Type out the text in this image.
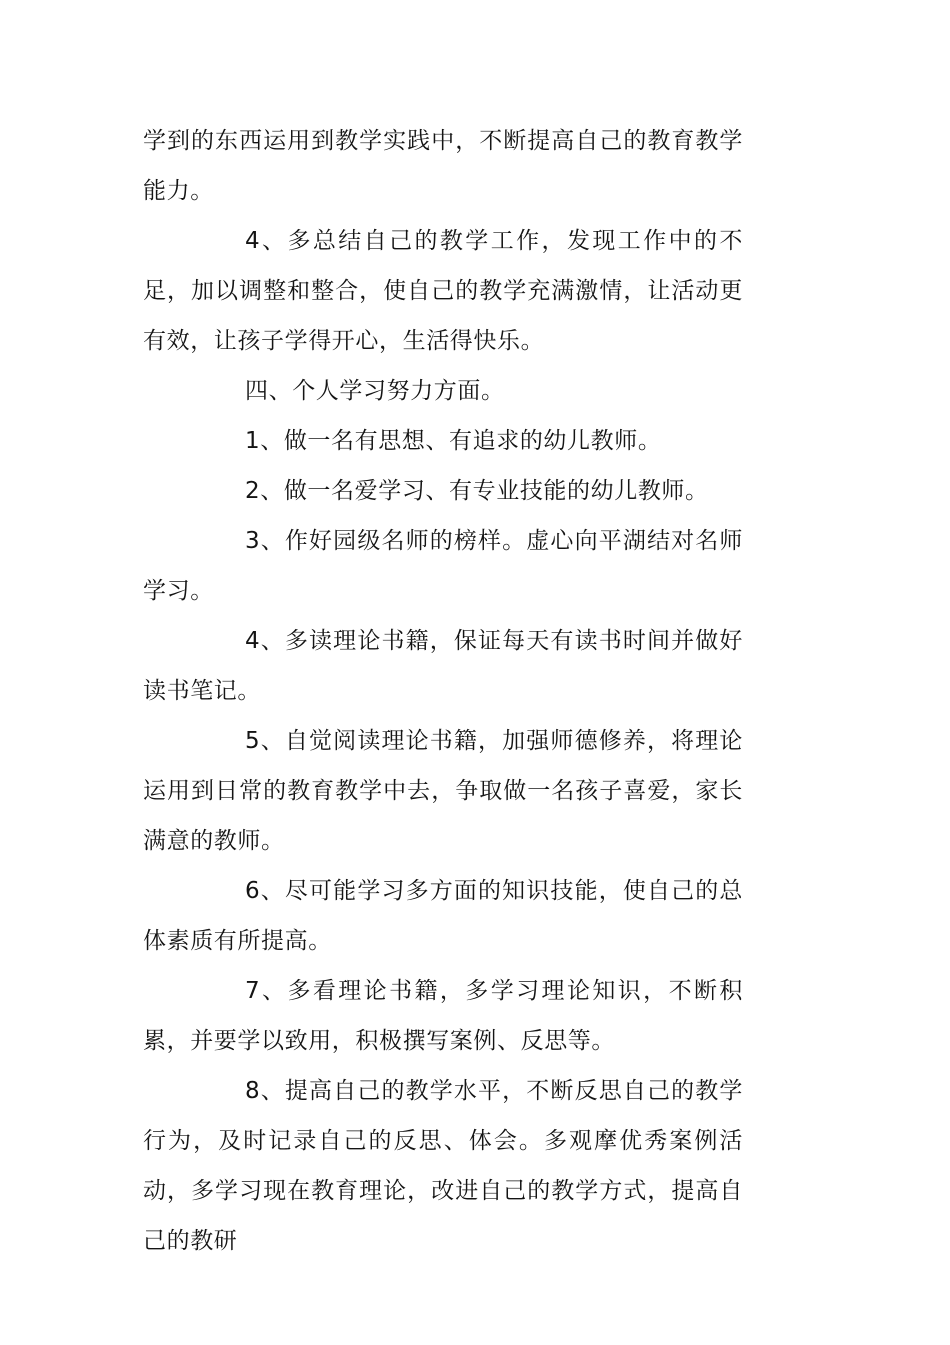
学到的东西运用到教学实践中，不断提高自己的教育教学能力。

4、多总结自己的教学工作，发现工作中的不足，加以调整和整合，使自己的教学充满激情，让活动更有效，让孩子学得开心，生活得快乐。

四、个人学习努力方面。

1、做一名有思想、有追求的幼儿教师。

2、做一名爱学习、有专业技能的幼儿教师。

3、作好园级名师的榜样。虚心向平湖结对名师学习。

4、多读理论书籍，保证每天有读书时间并做好读书笔记。

5、自觉阅读理论书籍，加强师德修养，将理论运用到日常的教育教学中去，争取做一名孩子喜爱，家长满意的教师。

6、尽可能学习多方面的知识技能，使自己的总体素质有所提高。

7、多看理论书籍，多学习理论知识，不断积累，并要学以致用，积极撰写案例、反思等。

8、提高自己的教学水平，不断反思自己的教学行为，及时记录自己的反思、体会。多观摩优秀案例活动，多学习现在教育理论，改进自己的教学方式，提高自己的教研
